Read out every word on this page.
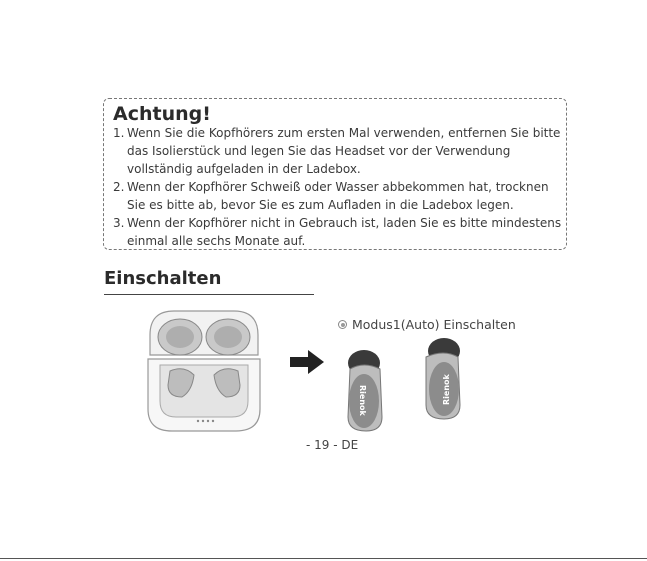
Achtung!
1. Wenn Sie die Kopfhörers zum ersten Mal verwenden, entfernen Sie bitte
das Isolierstück und legen Sie das Headset vor der Verwendung
vollständig aufgeladen in der Ladebox.
2. Wenn der Kopfhörer Schweiß oder Wasser abbekommen hat, trocknen
Sie es bitte ab, bevor Sie es zum Aufladen in die Ladebox legen.
3. Wenn der Kopfhörer nicht in Gebrauch ist, laden Sie es bitte mindestens
einmal alle sechs Monate auf.
Einschalten
Modus1(Auto) Einschalten
Rienok	Rienok
- 19 - DE
